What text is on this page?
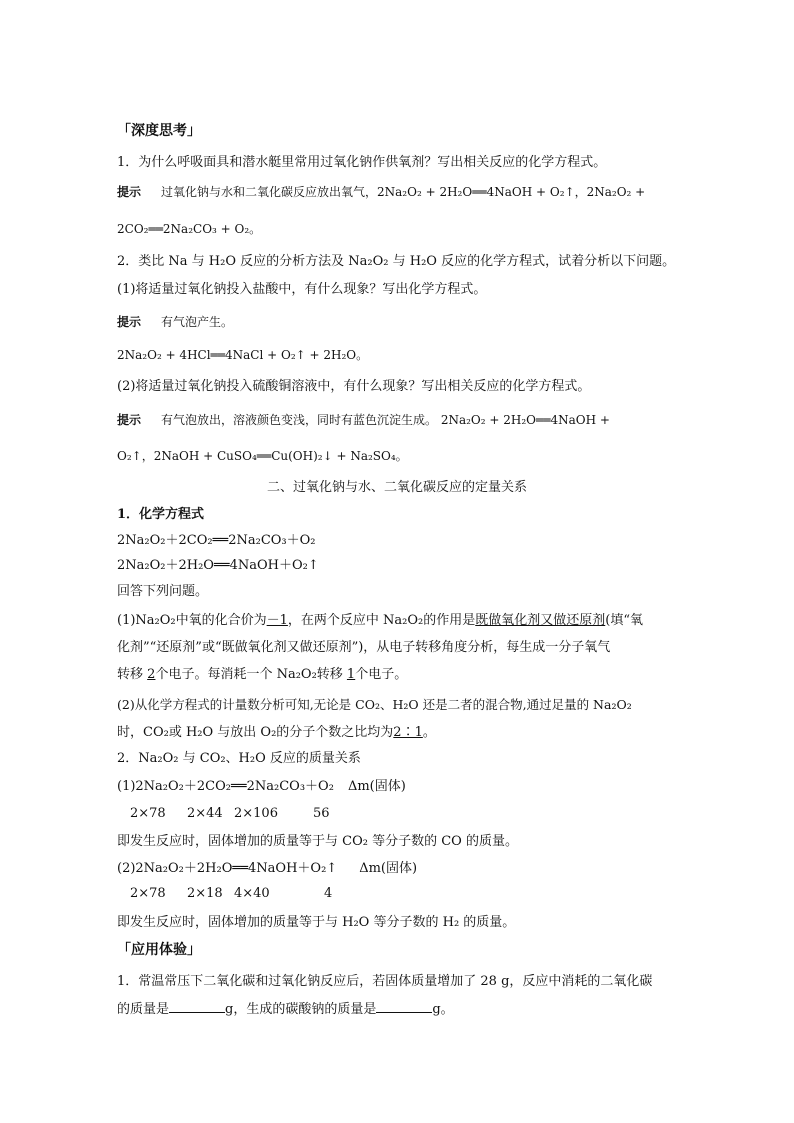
「深度思考」
1．为什么呼吸面具和潜水艇里常用过氧化钠作供氧剂？写出相关反应的化学方程式。
提示 过氧化钠与水和二氧化碳反应放出氧气，2Na₂O₂ + 2H₂O══4NaOH + O₂↑，2Na₂O₂ +
2CO₂══2Na₂CO₃ + O₂。
2．类比 Na 与 H₂O 反应的分析方法及 Na₂O₂ 与 H₂O 反应的化学方程式，试着分析以下问题。
(1)将适量过氧化钠投入盐酸中，有什么现象？写出化学方程式。
提示 有气泡产生。
2Na₂O₂ + 4HCl══4NaCl + O₂↑ + 2H₂O。
(2)将适量过氧化钠投入硫酸铜溶液中，有什么现象？写出相关反应的化学方程式。
提示 有气泡放出，溶液颜色变浅，同时有蓝色沉淀生成。 2Na₂O₂ + 2H₂O══4NaOH +
O₂↑，2NaOH + CuSO₄══Cu(OH)₂↓ + Na₂SO₄。
二、过氧化钠与水、二氧化碳反应的定量关系
1．化学方程式
2Na₂O₂＋2CO₂══2Na₂CO₃＋O₂
2Na₂O₂＋2H₂O══4NaOH＋O₂↑
回答下列问题。
(1)Na₂O₂中氧的化合价为－1，在两个反应中 Na₂O₂的作用是既做氧化剂又做还原剂(填“氧
化剂”“还原剂”或“既做氧化剂又做还原剂”)，从电子转移角度分析，每生成一分子氧气
转移 2个电子。每消耗一个 Na₂O₂转移 1个电子。
(2)从化学方程式的计量数分析可知,无论是 CO₂、H₂O 还是二者的混合物,通过足量的 Na₂O₂
时，CO₂或 H₂O 与放出 O₂的分子个数之比均为2∶1。
2．Na₂O₂ 与 CO₂、H₂O 反应的质量关系
(1)2Na₂O₂＋2CO₂══2Na₂CO₃＋O₂ Δm(固体)
2×78 2×44 2×106	56
即发生反应时，固体增加的质量等于与 CO₂ 等分子数的 CO 的质量。
(2)2Na₂O₂＋2H₂O══4NaOH＋O₂↑ Δm(固体)
2×78 2×18 4×40	4
即发生反应时，固体增加的质量等于与 H₂O 等分子数的 H₂ 的质量。
「应用体验」
1．常温常压下二氧化碳和过氧化钠反应后，若固体质量增加了 28 g，反应中消耗的二氧化碳
的质量是	g，生成的碳酸钠的质量是	g。
